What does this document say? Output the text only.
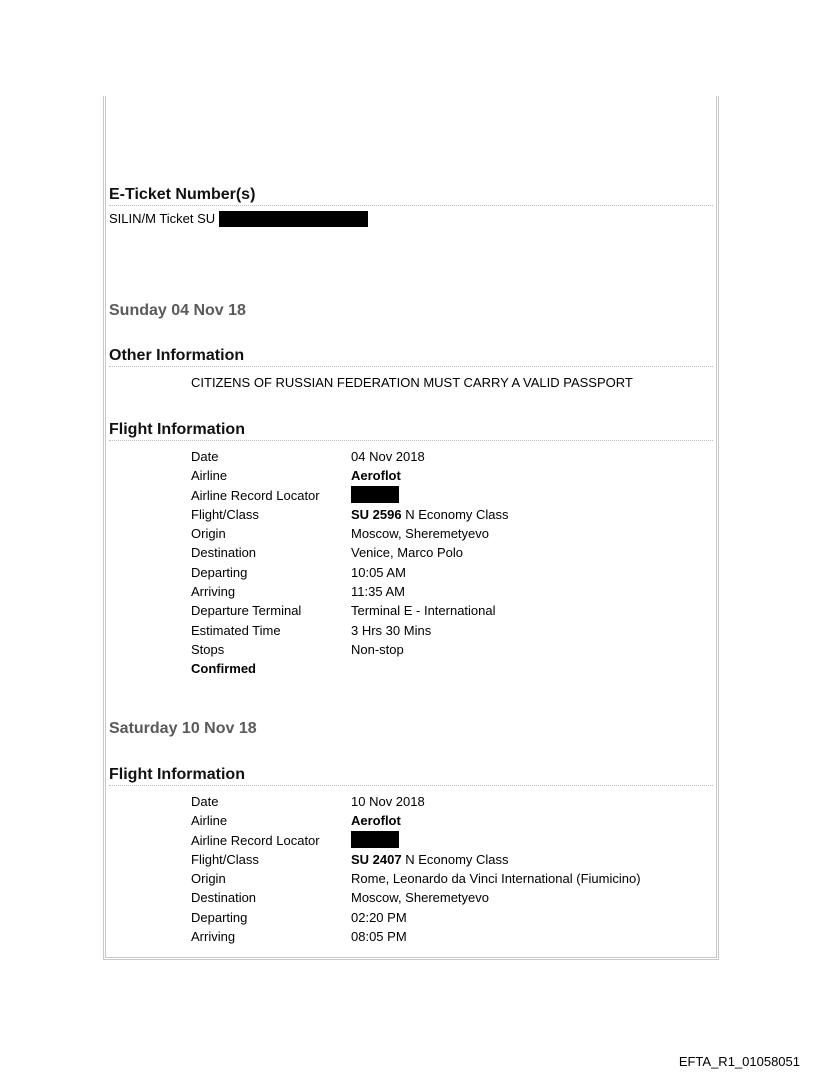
E-Ticket Number(s)
SILIN/M Ticket SU
Sunday 04 Nov 18
Other Information
CITIZENS OF RUSSIAN FEDERATION MUST CARRY A VALID PASSPORT
Flight Information
Date	04 Nov 2018
Airline	Aeroflot
Airline Record Locator
Flight/Class	SU 2596 N Economy Class
Origin	Moscow, Sheremetyevo
Destination	Venice, Marco Polo
Departing	10:05 AM
Arriving	11:35 AM
Departure Terminal	Terminal E - International
Estimated Time	3 Hrs 30 Mins
Stops	Non-stop
Confirmed
Saturday 10 Nov 18
Flight Information
Date	10 Nov 2018
Airline	Aeroflot
Airline Record Locator
Flight/Class	SU 2407 N Economy Class
Origin	Rome, Leonardo da Vinci International (Fiumicino)
Destination	Moscow, Sheremetyevo
Departing	02:20 PM
Arriving	08:05 PM
EFTA_R1_01058051
